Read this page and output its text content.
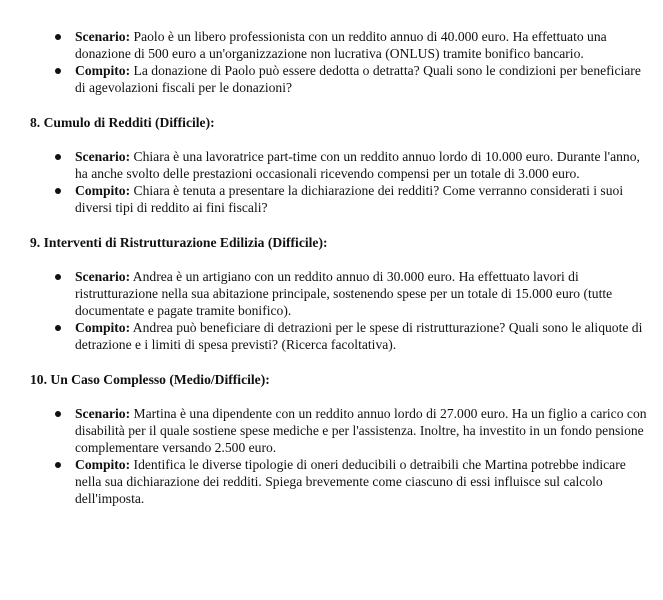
Scenario: Paolo è un libero professionista con un reddito annuo di 40.000 euro. Ha effettuato una donazione di 500 euro a un'organizzazione non lucrativa (ONLUS) tramite bonifico bancario.
Compito: La donazione di Paolo può essere dedotta o detratta? Quali sono le condizioni per beneficiare di agevolazioni fiscali per le donazioni?
8. Cumulo di Redditi (Difficile):
Scenario: Chiara è una lavoratrice part-time con un reddito annuo lordo di 10.000 euro. Durante l'anno, ha anche svolto delle prestazioni occasionali ricevendo compensi per un totale di 3.000 euro.
Compito: Chiara è tenuta a presentare la dichiarazione dei redditi? Come verranno considerati i suoi diversi tipi di reddito ai fini fiscali?
9. Interventi di Ristrutturazione Edilizia (Difficile):
Scenario: Andrea è un artigiano con un reddito annuo di 30.000 euro. Ha effettuato lavori di ristrutturazione nella sua abitazione principale, sostenendo spese per un totale di 15.000 euro (tutte documentate e pagate tramite bonifico).
Compito: Andrea può beneficiare di detrazioni per le spese di ristrutturazione? Quali sono le aliquote di detrazione e i limiti di spesa previsti? (Ricerca facoltativa).
10. Un Caso Complesso (Medio/Difficile):
Scenario: Martina è una dipendente con un reddito annuo lordo di 27.000 euro. Ha un figlio a carico con disabilità per il quale sostiene spese mediche e per l'assistenza. Inoltre, ha investito in un fondo pensione complementare versando 2.500 euro.
Compito: Identifica le diverse tipologie di oneri deducibili o detraibili che Martina potrebbe indicare nella sua dichiarazione dei redditi. Spiega brevemente come ciascuno di essi influisce sul calcolo dell'imposta.
